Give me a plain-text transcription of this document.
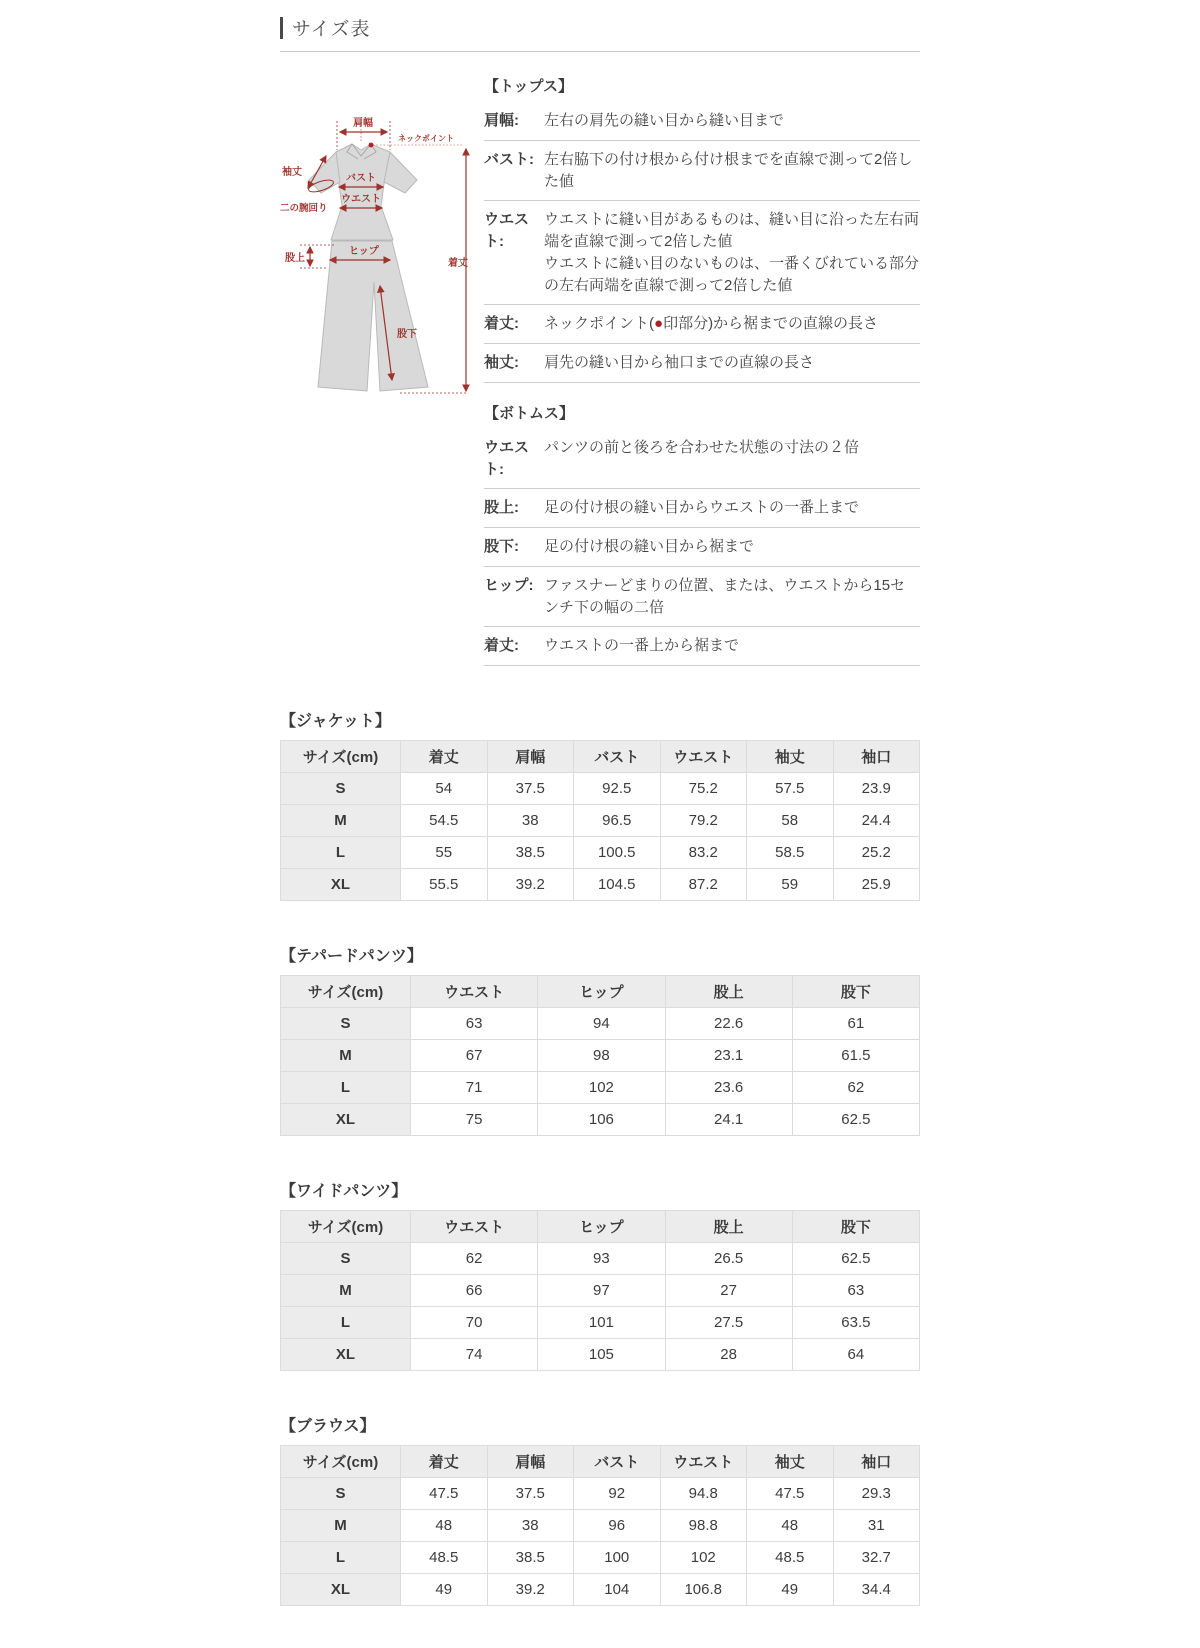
サイズ表
肩幅
ネックポイント
袖丈
二の腕回り
バスト
ウエスト
股上
ヒップ
着丈
股下
【トップス】
肩幅:	左右の肩先の縫い目から縫い目まで
バスト: 左右脇下の付け根から付け根までを直線で測って2倍した値
ウエスト:

ウエストに縫い目があるものは、縫い目に沿った左右両端を直線で測って2倍した値

ウエストに縫い目のないものは、一番くびれている部分の左右両端を直線で測って2倍した値

着丈:	ネックポイント(●印部分)から裾までの直線の長さ
袖丈:	肩先の縫い目から袖口までの直線の長さ
【ボトムス】
ウエスト:
パンツの前と後ろを合わせた状態の寸法の２倍
股上:	足の付け根の縫い目からウエストの一番上まで
股下:	足の付け根の縫い目から裾まで
ヒップ: ファスナーどまりの位置、または、ウエストから15センチ下の幅の二倍
着丈:	ウエストの一番上から裾まで
【ジャケット】
サイズ(cm)	着丈	肩幅	バスト	ウエスト	袖丈	袖口
S	54	37.5	92.5	75.2	57.5	23.9
M	54.5	38	96.5	79.2	58	24.4
L	55	38.5	100.5	83.2	58.5	25.2
XL	55.5	39.2	104.5	87.2	59	25.9
【テパードパンツ】
サイズ(cm)	ウエスト	ヒップ	股上	股下
S	63	94	22.6	61
M	67	98	23.1	61.5
L	71	102	23.6	62
XL	75	106	24.1	62.5
【ワイドパンツ】
サイズ(cm)	ウエスト	ヒップ	股上	股下
S	62	93	26.5	62.5
M	66	97	27	63
L	70	101	27.5	63.5
XL	74	105	28	64
【ブラウス】
サイズ(cm)	着丈	肩幅	バスト	ウエスト	袖丈	袖口
S	47.5	37.5	92	94.8	47.5	29.3
M	48	38	96	98.8	48	31
L	48.5	38.5	100	102	48.5	32.7
XL	49	39.2	104	106.8	49	34.4
